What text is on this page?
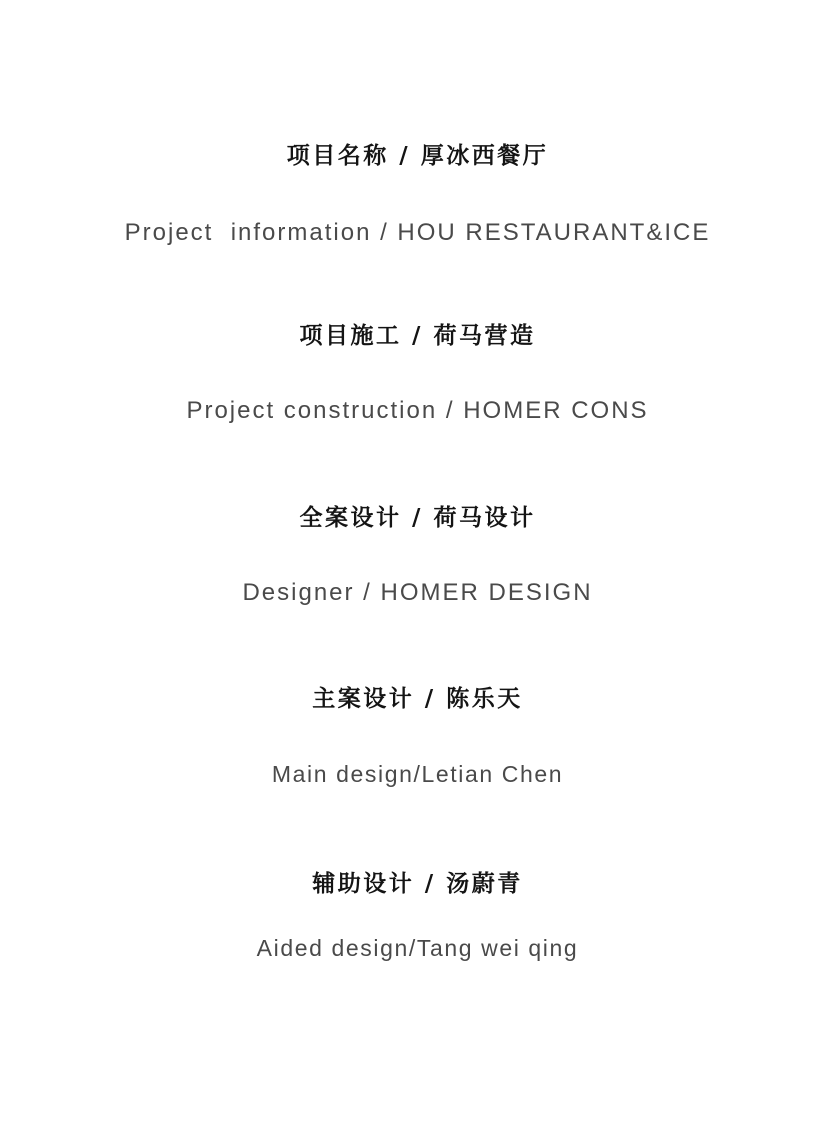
项目名称 / 厚冰西餐厅
Project  information / HOU RESTAURANT&ICE
项目施工 / 荷马营造
Project construction / HOMER CONS
全案设计 / 荷马设计
Designer / HOMER DESIGN
主案设计 / 陈乐天
Main design/Letian Chen
辅助设计 / 汤蔚青
Aided design/Tang wei qing
